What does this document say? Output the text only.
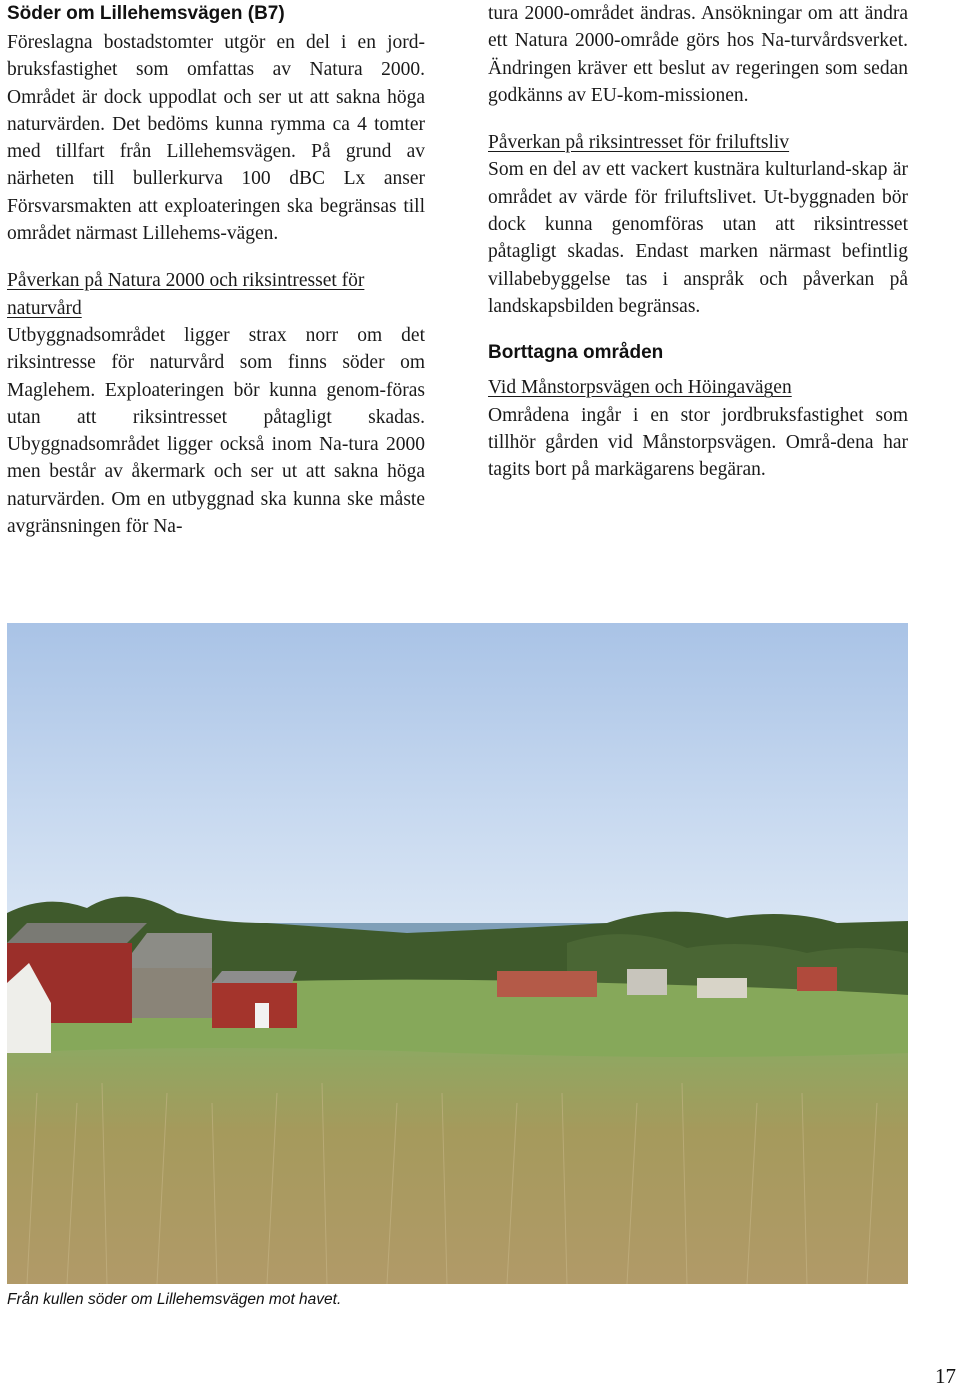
Söder om Lillehemsvägen (B7)

Föreslagna bostadstomter utgör en del i en jord-bruksfastighet som omfattas av Natura 2000. Området är dock uppodlat och ser ut att sakna höga naturvärden. Det bedöms kunna rymma ca 4 tomter med tillfart från Lillehemsvägen. På grund av närheten till bullerkurva 100 dBC Lx anser Försvarsmakten att exploateringen ska begränsas till området närmast Lillehems-vägen.

Påverkan på Natura 2000 och riksintresset för naturvård

Utbyggnadsområdet ligger strax norr om det riksintresse för naturvård som finns söder om Maglehem. Exploateringen bör kunna genom-föras utan att riksintresset påtagligt skadas. Ubyggnadsområdet ligger också inom Na-tura 2000 men består av åkermark och ser ut att sakna höga naturvärden. Om en utbyggnad ska kunna ske måste avgränsningen för Na-

tura 2000-området ändras. Ansökningar om att ändra ett Natura 2000-område görs hos Na-turvårdsverket. Ändringen kräver ett beslut av regeringen som sedan godkänns av EU-kom-missionen.

Påverkan på riksintresset för friluftsliv

Som en del av ett vackert kustnära kulturland-skap är området av värde för friluftslivet. Ut-byggnaden bör dock kunna genomföras utan att riksintresset påtagligt skadas. Endast marken närmast befintlig villabebyggelse tas i anspråk och påverkan på landskapsbilden begränsas.

Borttagna områden

Vid Månstorpsvägen och Höingavägen

Områdena ingår i en stor jordbruksfastighet som tillhör gården vid Månstorpsvägen. Områ-dena har tagits bort på markägarens begäran.

Från kullen söder om Lillehemsvägen mot havet.
17
